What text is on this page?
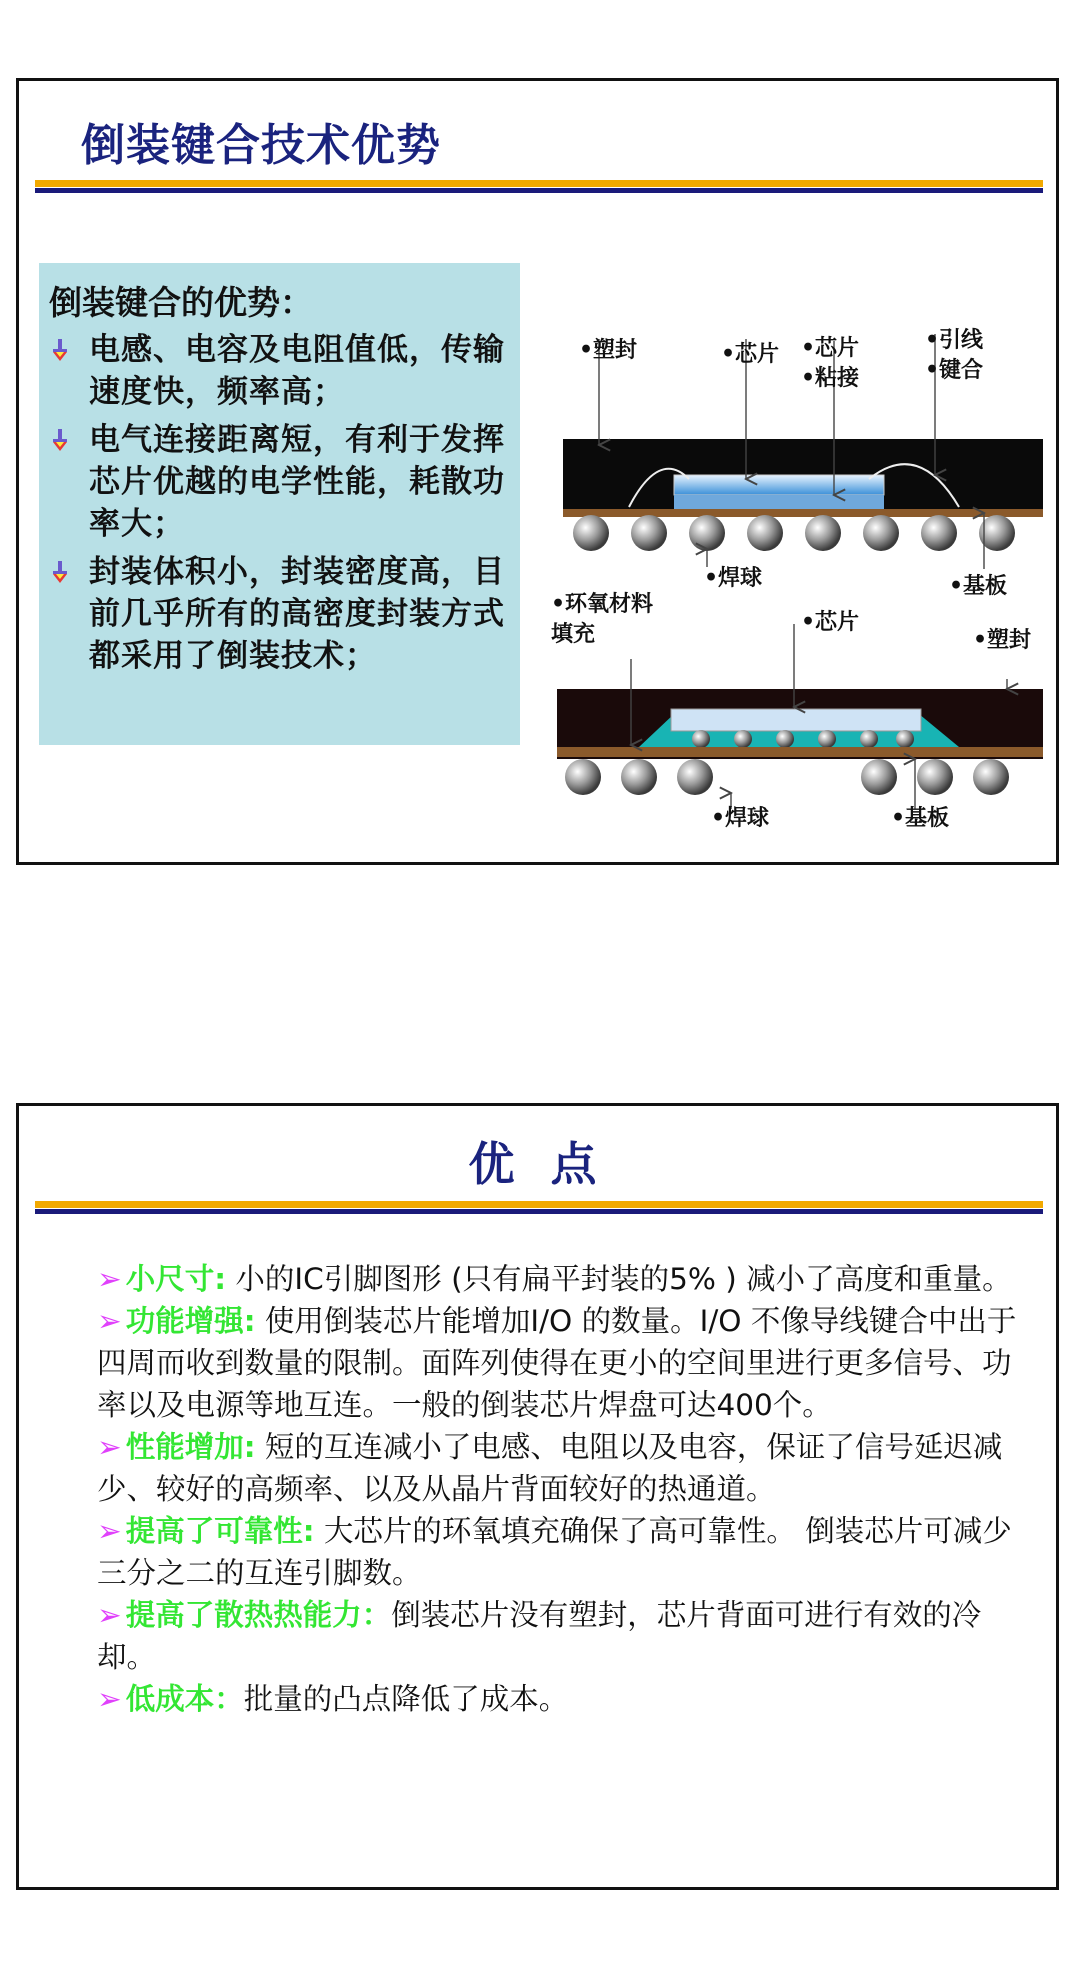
倒装键合技术优势
倒装键合的优势：
电感、电容及电阻值低，传输速度快，频率高；
电气连接距离短，有利于发挥芯片优越的电学性能，耗散功率大；
封装体积小，封装密度高，目前几乎所有的高密度封装方式都采用了倒装技术；
•塑封	•芯片 •芯片
•粘接
•引线
•键合
•焊球	•基板
•环氧材料
填充	•芯片
•塑封
•焊球	•基板
优 点

➢ 小尺寸: 小的IC引脚图形 (只有扁平封装的5% ) 减小了高度和重量。

➢ 功能增强: 使用倒装芯片能增加I/O 的数量。I/O 不像导线键合中出于四周而收到数量的限制。面阵列使得在更小的空间里进行更多信号、功率以及电源等地互连。一般的倒装芯片焊盘可达400个。

➢ 性能增加: 短的互连减小了电感、电阻以及电容，保证了信号延迟减少、较好的高频率、以及从晶片背面较好的热通道。

➢ 提高了可靠性: 大芯片的环氧填充确保了高可靠性。 倒装芯片可减少三分之二的互连引脚数。

➢ 提高了散热热能力：倒装芯片没有塑封，芯片背面可进行有效的冷却。

➢ 低成本：批量的凸点降低了成本。
